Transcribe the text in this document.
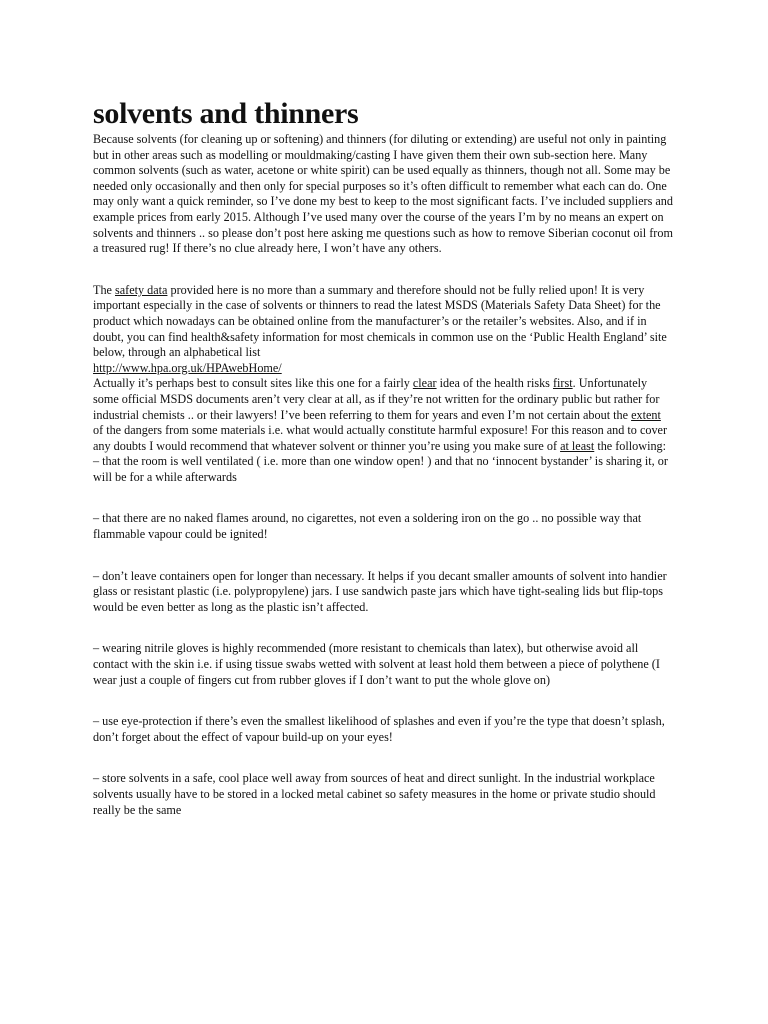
solvents and thinners

Because solvents (for cleaning up or softening) and thinners (for diluting or extending) are useful not only in painting but in other areas such as modelling or mouldmaking/casting I have given them their own sub-section here. Many common solvents (such as water, acetone or white spirit) can be used equally as thinners, though not all. Some may be needed only occasionally and then only for special purposes so it’s often difficult to remember what each can do. One may only want a quick reminder, so I’ve done my best to keep to the most significant facts. I’ve included suppliers and example prices from early 2015. Although I’ve used many over the course of the years I’m by no means an expert on solvents and thinners .. so please don’t post here asking me questions such as how to remove Siberian coconut oil from a treasured rug! If there’s no clue already here, I won’t have any others.

The safety data provided here is no more than a summary and therefore should not be fully relied upon! It is very important especially in the case of solvents or thinners to read the latest MSDS (Materials Safety Data Sheet) for the product which nowadays can be obtained online from the manufacturer’s or the retailer’s websites. Also, and if in doubt, you can find health&safety information for most chemicals in common use on the ‘Public Health England’ site
below, through an alphabetical list
http://www.hpa.org.uk/HPAwebHome/

Actually it’s perhaps best to consult sites like this one for a fairly clear idea of the health risks first. Unfortunately some official MSDS documents aren’t very clear at all, as if they’re not written for the ordinary public but rather for industrial chemists .. or their lawyers! I’ve been referring to them for years and even I’m not certain about the extent of the dangers from some materials i.e. what would actually constitute harmful exposure! For this reason and to cover any doubts I would recommend that whatever solvent or thinner you’re using you make sure of at least the following:

– that the room is well ventilated ( i.e. more than one window open! ) and that no ‘innocent bystander’ is sharing it, or will be for a while afterwards

– that there are no naked flames around, no cigarettes, not even a soldering iron on the go .. no possible way that flammable vapour could be ignited!

– don’t leave containers open for longer than necessary. It helps if you decant smaller amounts of solvent into handier glass or resistant plastic (i.e. polypropylene) jars. I use sandwich paste jars which have tight-sealing lids but flip-tops would be even better as long as the plastic isn’t affected.

– wearing nitrile gloves is highly recommended (more resistant to chemicals than latex), but otherwise avoid all contact with the skin i.e. if using tissue swabs wetted with solvent at least hold them between a piece of polythene (I wear just a couple of fingers cut from rubber gloves if I don’t want to put the whole glove on)

– use eye-protection if there’s even the smallest likelihood of splashes and even if you’re the type that doesn’t splash, don’t forget about the effect of vapour build-up on your eyes!

– store solvents in a safe, cool place well away from sources of heat and direct sunlight. In the industrial workplace solvents usually have to be stored in a locked metal cabinet so safety measures in the home or private studio should really be the same
